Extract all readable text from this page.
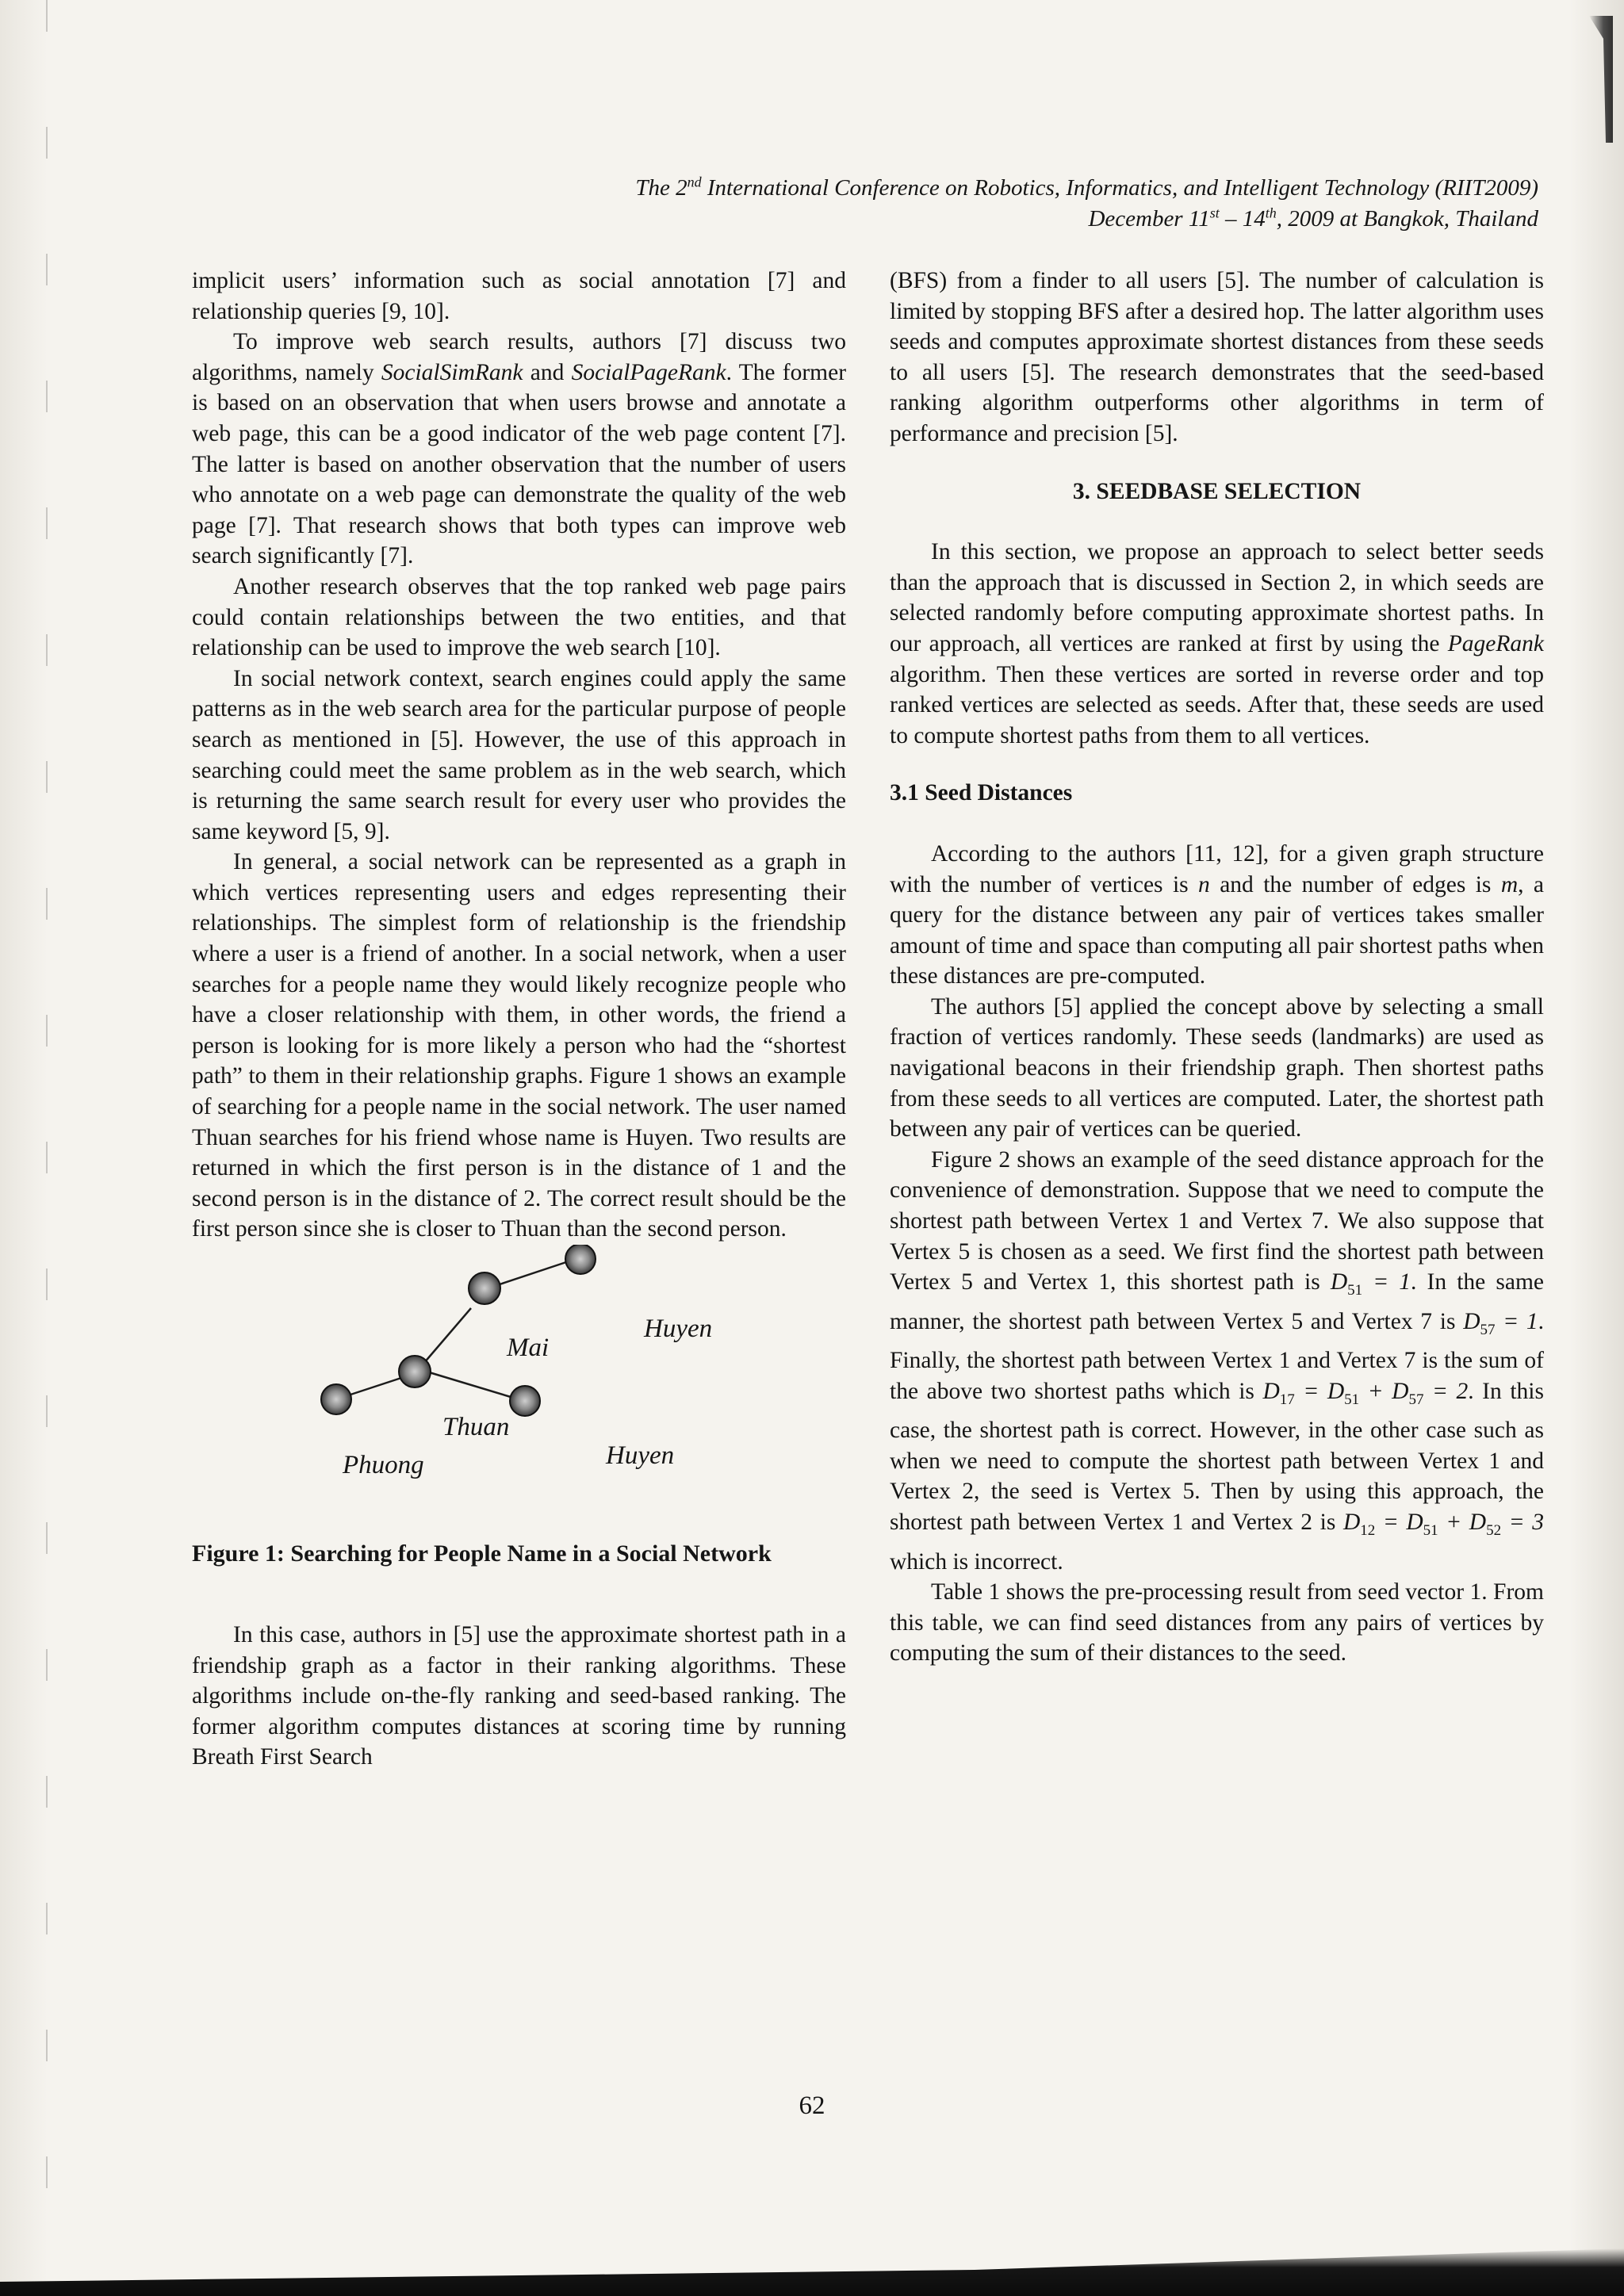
The 2nd International Conference on Robotics, Informatics, and Intelligent Technology (RIIT2009)
December 11st – 14th, 2009 at Bangkok, Thailand

implicit users’ information such as social annotation [7] and relationship queries [9, 10].

To improve web search results, authors [7] discuss two algorithms, namely SocialSimRank and SocialPageRank. The former is based on an observation that when users browse and annotate a web page, this can be a good indicator of the web page content [7]. The latter is based on another observation that the number of users who annotate on a web page can demonstrate the quality of the web page [7]. That research shows that both types can improve web search significantly [7].

Another research observes that the top ranked web page pairs could contain relationships between the two entities, and that relationship can be used to improve the web search [10].

In social network context, search engines could apply the same patterns as in the web search area for the particular purpose of people search as mentioned in [5]. However, the use of this approach in searching could meet the same problem as in the web search, which is returning the same search result for every user who provides the same keyword [5, 9].

In general, a social network can be represented as a graph in which vertices representing users and edges representing their relationships. The simplest form of relationship is the friendship where a user is a friend of another. In a social network, when a user searches for a people name they would likely recognize people who have a closer relationship with them, in other words, the friend a person is looking for is more likely a person who had the “shortest path” to them in their relationship graphs. Figure 1 shows an example of searching for a people name in the social network. The user named Thuan searches for his friend whose name is Huyen. Two results are returned in which the first person is in the distance of 1 and the second person is in the distance of 2. The correct result should be the first person since she is closer to Thuan than the second person.

Huyen
Mai
Thuan
Phuong	Huyen

Figure 1: Searching for People Name in a Social Network

In this case, authors in [5] use the approximate shortest path in a friendship graph as a factor in their ranking algorithms. These algorithms include on-the-fly ranking and seed-based ranking. The former algorithm computes distances at scoring time by running Breath First Search

(BFS) from a finder to all users [5]. The number of calculation is limited by stopping BFS after a desired hop. The latter algorithm uses seeds and computes approximate shortest distances from these seeds to all users [5]. The research demonstrates that the seed-based ranking algorithm outperforms other algorithms in term of performance and precision [5].

3. SEEDBASE SELECTION

In this section, we propose an approach to select better seeds than the approach that is discussed in Section 2, in which seeds are selected randomly before computing approximate shortest paths. In our approach, all vertices are ranked at first by using the PageRank algorithm. Then these vertices are sorted in reverse order and top ranked vertices are selected as seeds. After that, these seeds are used to compute shortest paths from them to all vertices.

3.1 Seed Distances

According to the authors [11, 12], for a given graph structure with the number of vertices is n and the number of edges is m, a query for the distance between any pair of vertices takes smaller amount of time and space than computing all pair shortest paths when these distances are pre-computed.

The authors [5] applied the concept above by selecting a small fraction of vertices randomly. These seeds (landmarks) are used as navigational beacons in their friendship graph. Then shortest paths from these seeds to all vertices are computed. Later, the shortest path between any pair of vertices can be queried.

Figure 2 shows an example of the seed distance approach for the convenience of demonstration. Suppose that we need to compute the shortest path between Vertex 1 and Vertex 7. We also suppose that Vertex 5 is chosen as a seed. We first find the shortest path between Vertex 5 and Vertex 1, this shortest path is $D_{51} = 1$. In the same manner, the shortest path between Vertex 5 and Vertex 7 is $D_{57} = 1$. Finally, the shortest path between Vertex 1 and Vertex 7 is the sum of the above two shortest paths which is $D_{17} = D_{51} + D_{57} = 2$. In this case, the shortest path is correct. However, in the other case such as when we need to compute the shortest path between Vertex 1 and Vertex 2, the seed is Vertex 5. Then by using this approach, the shortest path between Vertex 1 and Vertex 2 is $D_{12} = D_{51} + D_{52} = 3$ which is incorrect.

Table 1 shows the pre-processing result from seed vector 1. From this table, we can find seed distances from any pairs of vertices by computing the sum of their distances to the seed.

62
